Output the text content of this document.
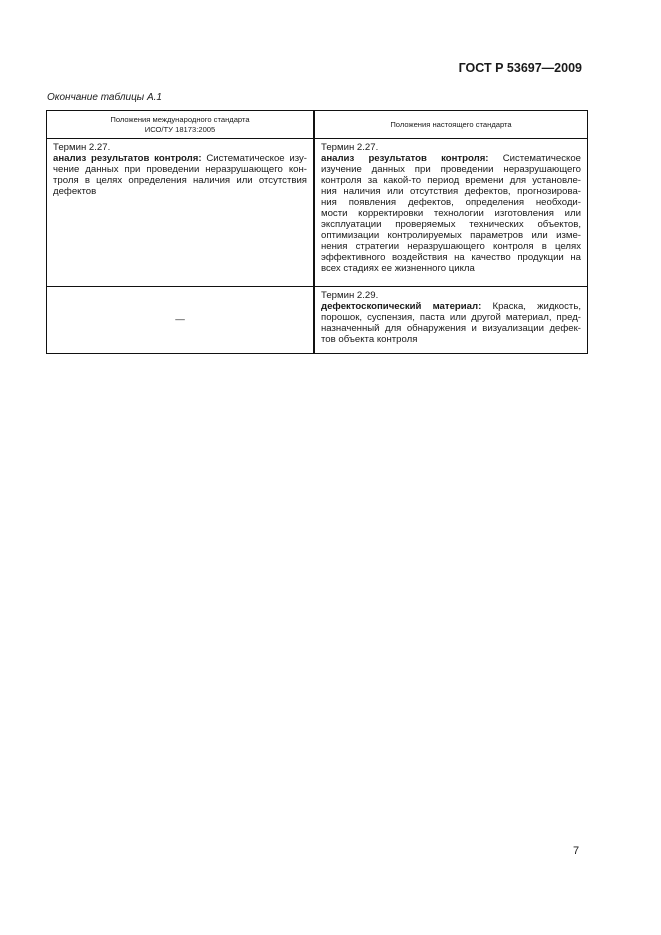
ГОСТ Р 53697—2009
Окончание таблицы А.1
Положения международного стандарта
ИСО/ТУ 18173:2005
Положения настоящего стандарта
Термин 2.27.
анализ результатов контроля: Систематическое изу-
чение данных при проведении неразрушающего кон-
троля в целях определения наличия или отсутствия
дефектов
Термин 2.27.
анализ результатов контроля: Систематическое
изучение данных при проведении неразрушающего
контроля за какой-то период времени для установле-
ния наличия или отсутствия дефектов, прогнозирова-
ния появления дефектов, определения необходи-
мости корректировки технологии изготовления или
эксплуатации проверяемых технических объектов,
оптимизации контролируемых параметров или изме-
нения стратегии неразрушающего контроля в целях
эффективного воздействия на качество продукции на
всех стадиях ее жизненного цикла
—
Термин 2.29.
дефектоскопический материал: Краска, жидкость,
порошок, суспензия, паста или другой материал, пред-
назначенный для обнаружения и визуализации дефек-
тов объекта контроля
7
